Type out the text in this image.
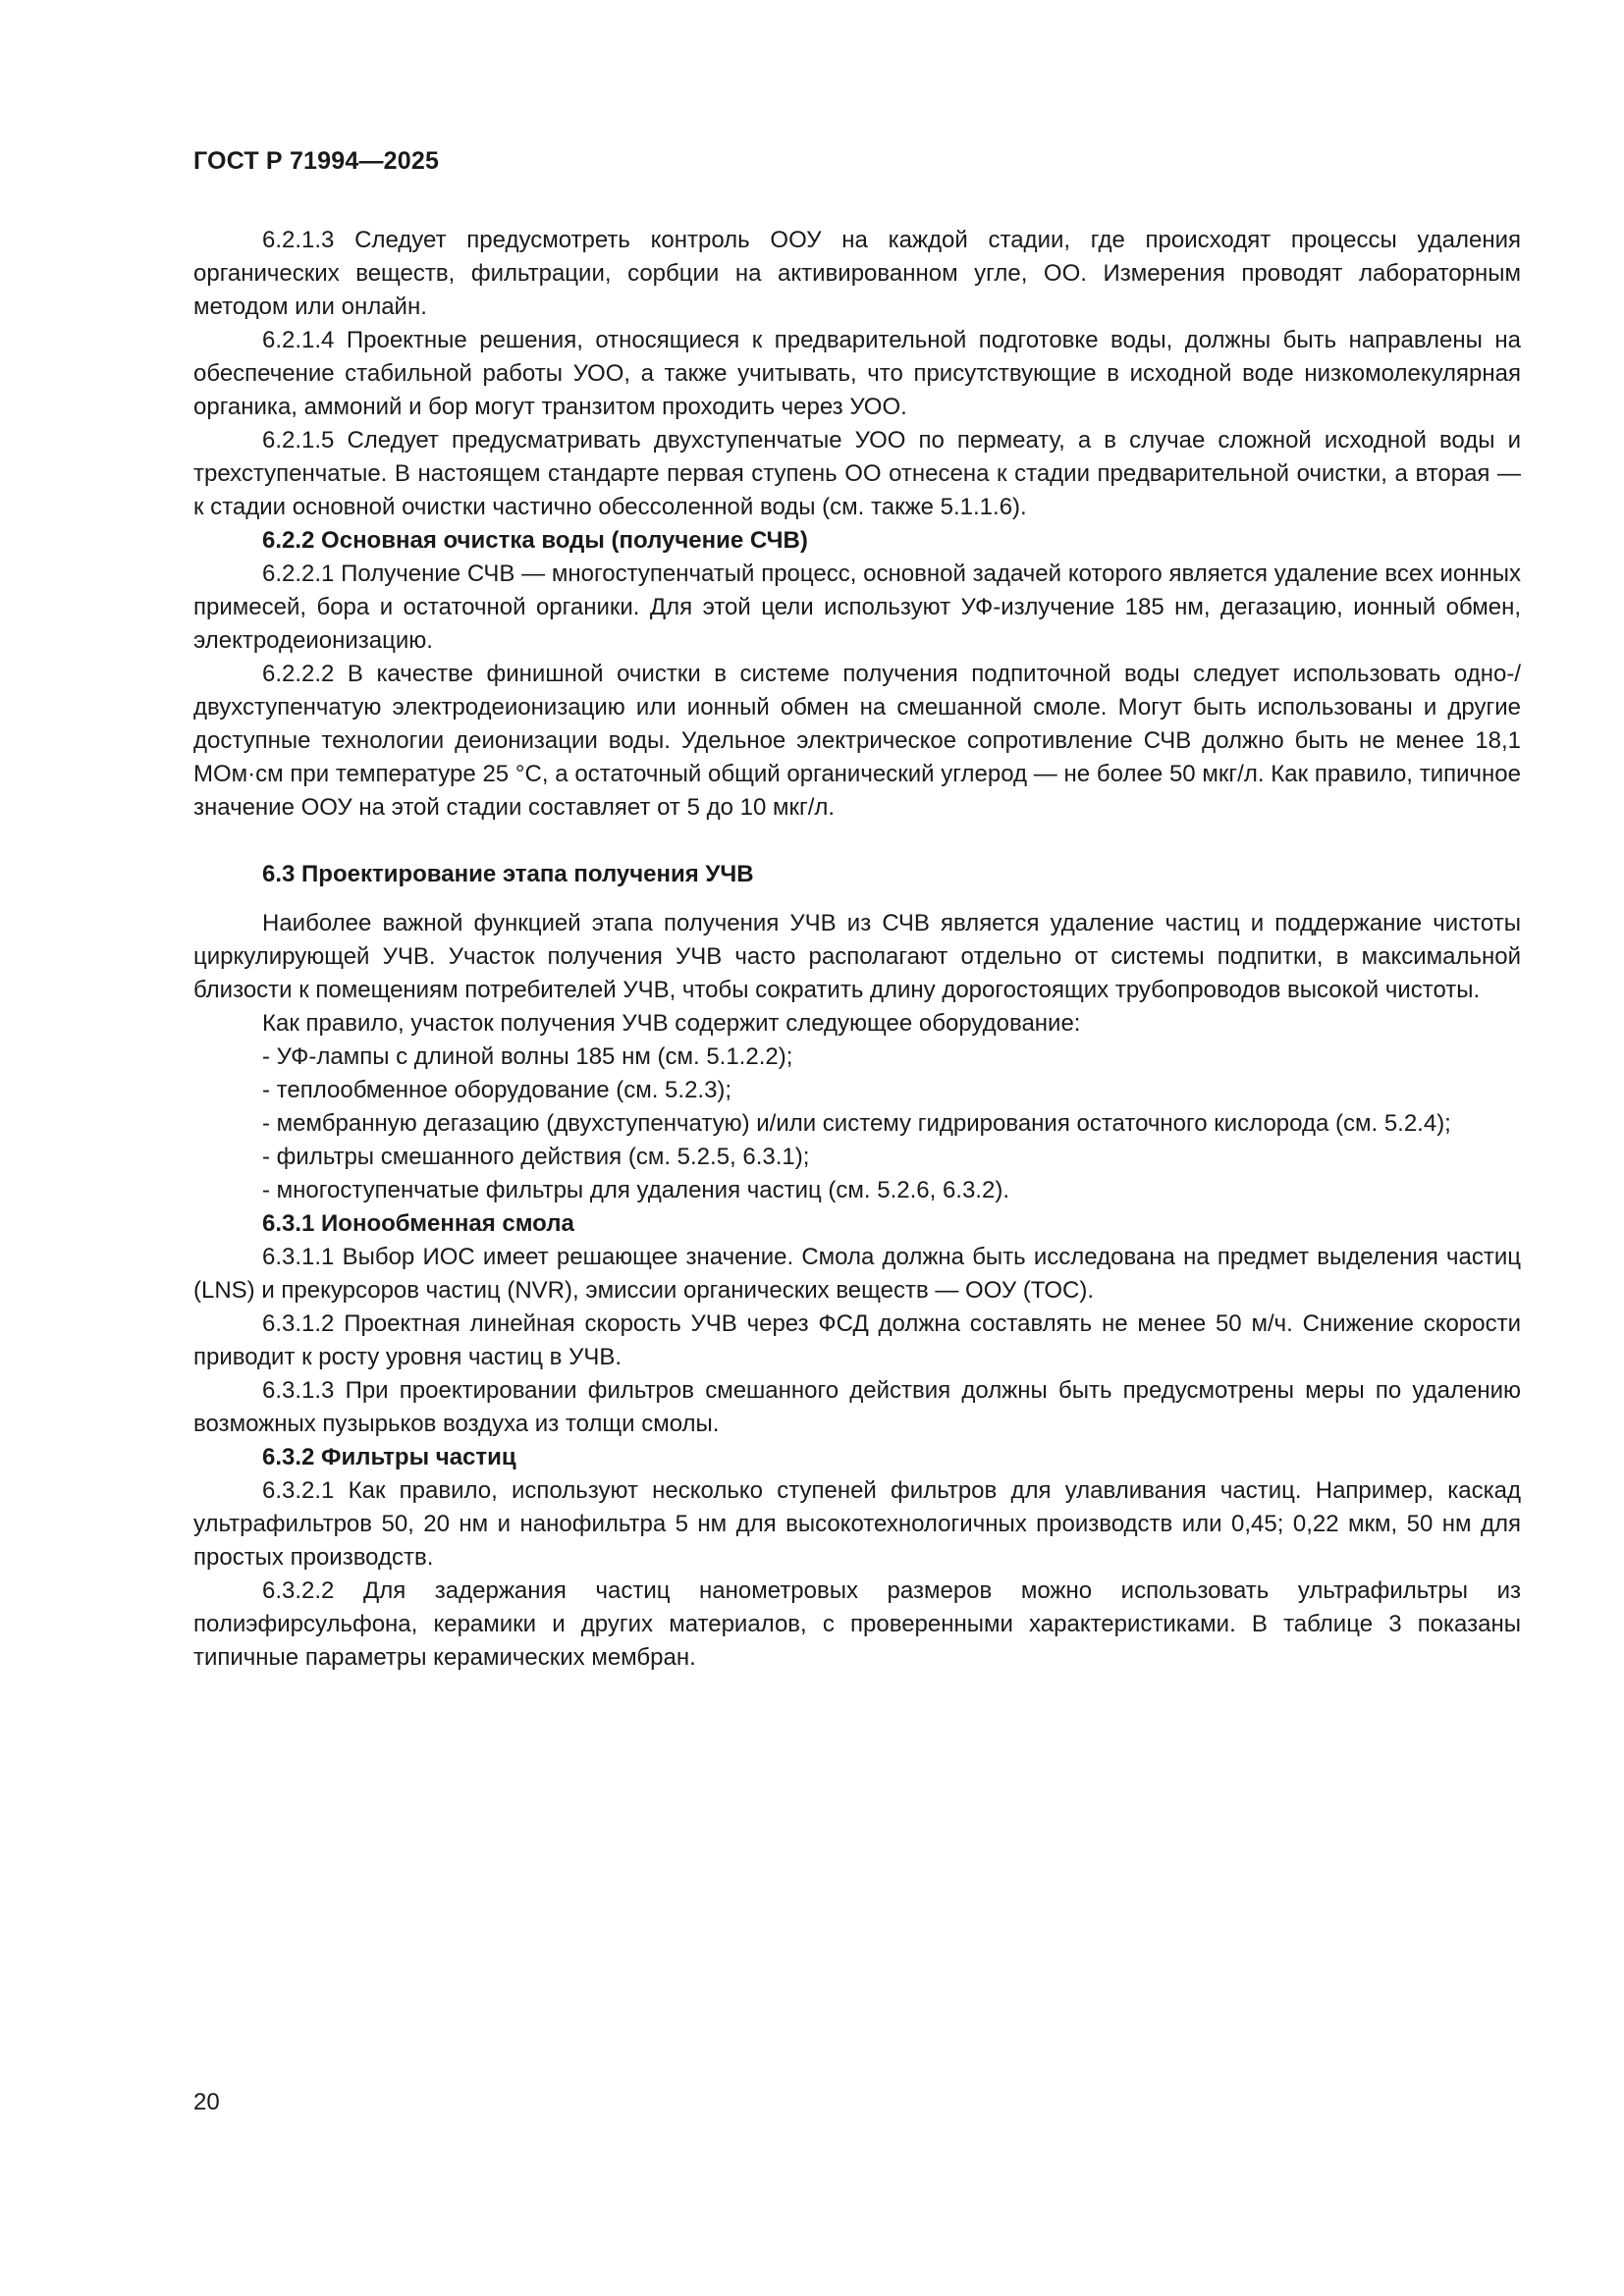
ГОСТ Р 71994—2025

6.2.1.3 Следует предусмотреть контроль ООУ на каждой стадии, где происходят процессы удаления органических веществ, фильтрации, сорбции на активированном угле, ОО. Измерения проводят лабораторным методом или онлайн.

6.2.1.4 Проектные решения, относящиеся к предварительной подготовке воды, должны быть направлены на обеспечение стабильной работы УОО, а также учитывать, что присутствующие в исходной воде низкомолекулярная органика, аммоний и бор могут транзитом проходить через УОО.

6.2.1.5 Следует предусматривать двухступенчатые УОО по пермеату, а в случае сложной исходной воды и трехступенчатые. В настоящем стандарте первая ступень ОО отнесена к стадии предварительной очистки, а вторая — к стадии основной очистки частично обессоленной воды (см. также 5.1.1.6).

6.2.2 Основная очистка воды (получение СЧВ)

6.2.2.1 Получение СЧВ — многоступенчатый процесс, основной задачей которого является удаление всех ионных примесей, бора и остаточной органики. Для этой цели используют УФ-излучение 185 нм, дегазацию, ионный обмен, электродеионизацию.

6.2.2.2 В качестве финишной очистки в системе получения подпиточной воды следует использовать одно-/двухступенчатую электродеионизацию или ионный обмен на смешанной смоле. Могут быть использованы и другие доступные технологии деионизации воды. Удельное электрическое сопротивление СЧВ должно быть не менее 18,1 МОм·см при температуре 25 °С, а остаточный общий органический углерод — не более 50 мкг/л. Как правило, типичное значение ООУ на этой стадии составляет от 5 до 10 мкг/л.

6.3 Проектирование этапа получения УЧВ

Наиболее важной функцией этапа получения УЧВ из СЧВ является удаление частиц и поддержание чистоты циркулирующей УЧВ. Участок получения УЧВ часто располагают отдельно от системы подпитки, в максимальной близости к помещениям потребителей УЧВ, чтобы сократить длину дорогостоящих трубопроводов высокой чистоты.

Как правило, участок получения УЧВ содержит следующее оборудование:

- УФ-лампы с длиной волны 185 нм (см. 5.1.2.2);
- теплообменное оборудование (см. 5.2.3);
- мембранную дегазацию (двухступенчатую) и/или систему гидрирования остаточного кислорода (см. 5.2.4);
- фильтры смешанного действия (см. 5.2.5, 6.3.1);
- многоступенчатые фильтры для удаления частиц (см. 5.2.6, 6.3.2).

6.3.1 Ионообменная смола

6.3.1.1 Выбор ИОС имеет решающее значение. Смола должна быть исследована на предмет выделения частиц (LNS) и прекурсоров частиц (NVR), эмиссии органических веществ — ООУ (ТОС).

6.3.1.2 Проектная линейная скорость УЧВ через ФСД должна составлять не менее 50 м/ч. Снижение скорости приводит к росту уровня частиц в УЧВ.

6.3.1.3 При проектировании фильтров смешанного действия должны быть предусмотрены меры по удалению возможных пузырьков воздуха из толщи смолы.

6.3.2 Фильтры частиц

6.3.2.1 Как правило, используют несколько ступеней фильтров для улавливания частиц. Например, каскад ультрафильтров 50, 20 нм и нанофильтра 5 нм для высокотехнологичных производств или 0,45; 0,22 мкм, 50 нм для простых производств.

6.3.2.2 Для задержания частиц нанометровых размеров можно использовать ультрафильтры из полиэфирсульфона, керамики и других материалов, с проверенными характеристиками. В таблице 3 показаны типичные параметры керамических мембран.

20
